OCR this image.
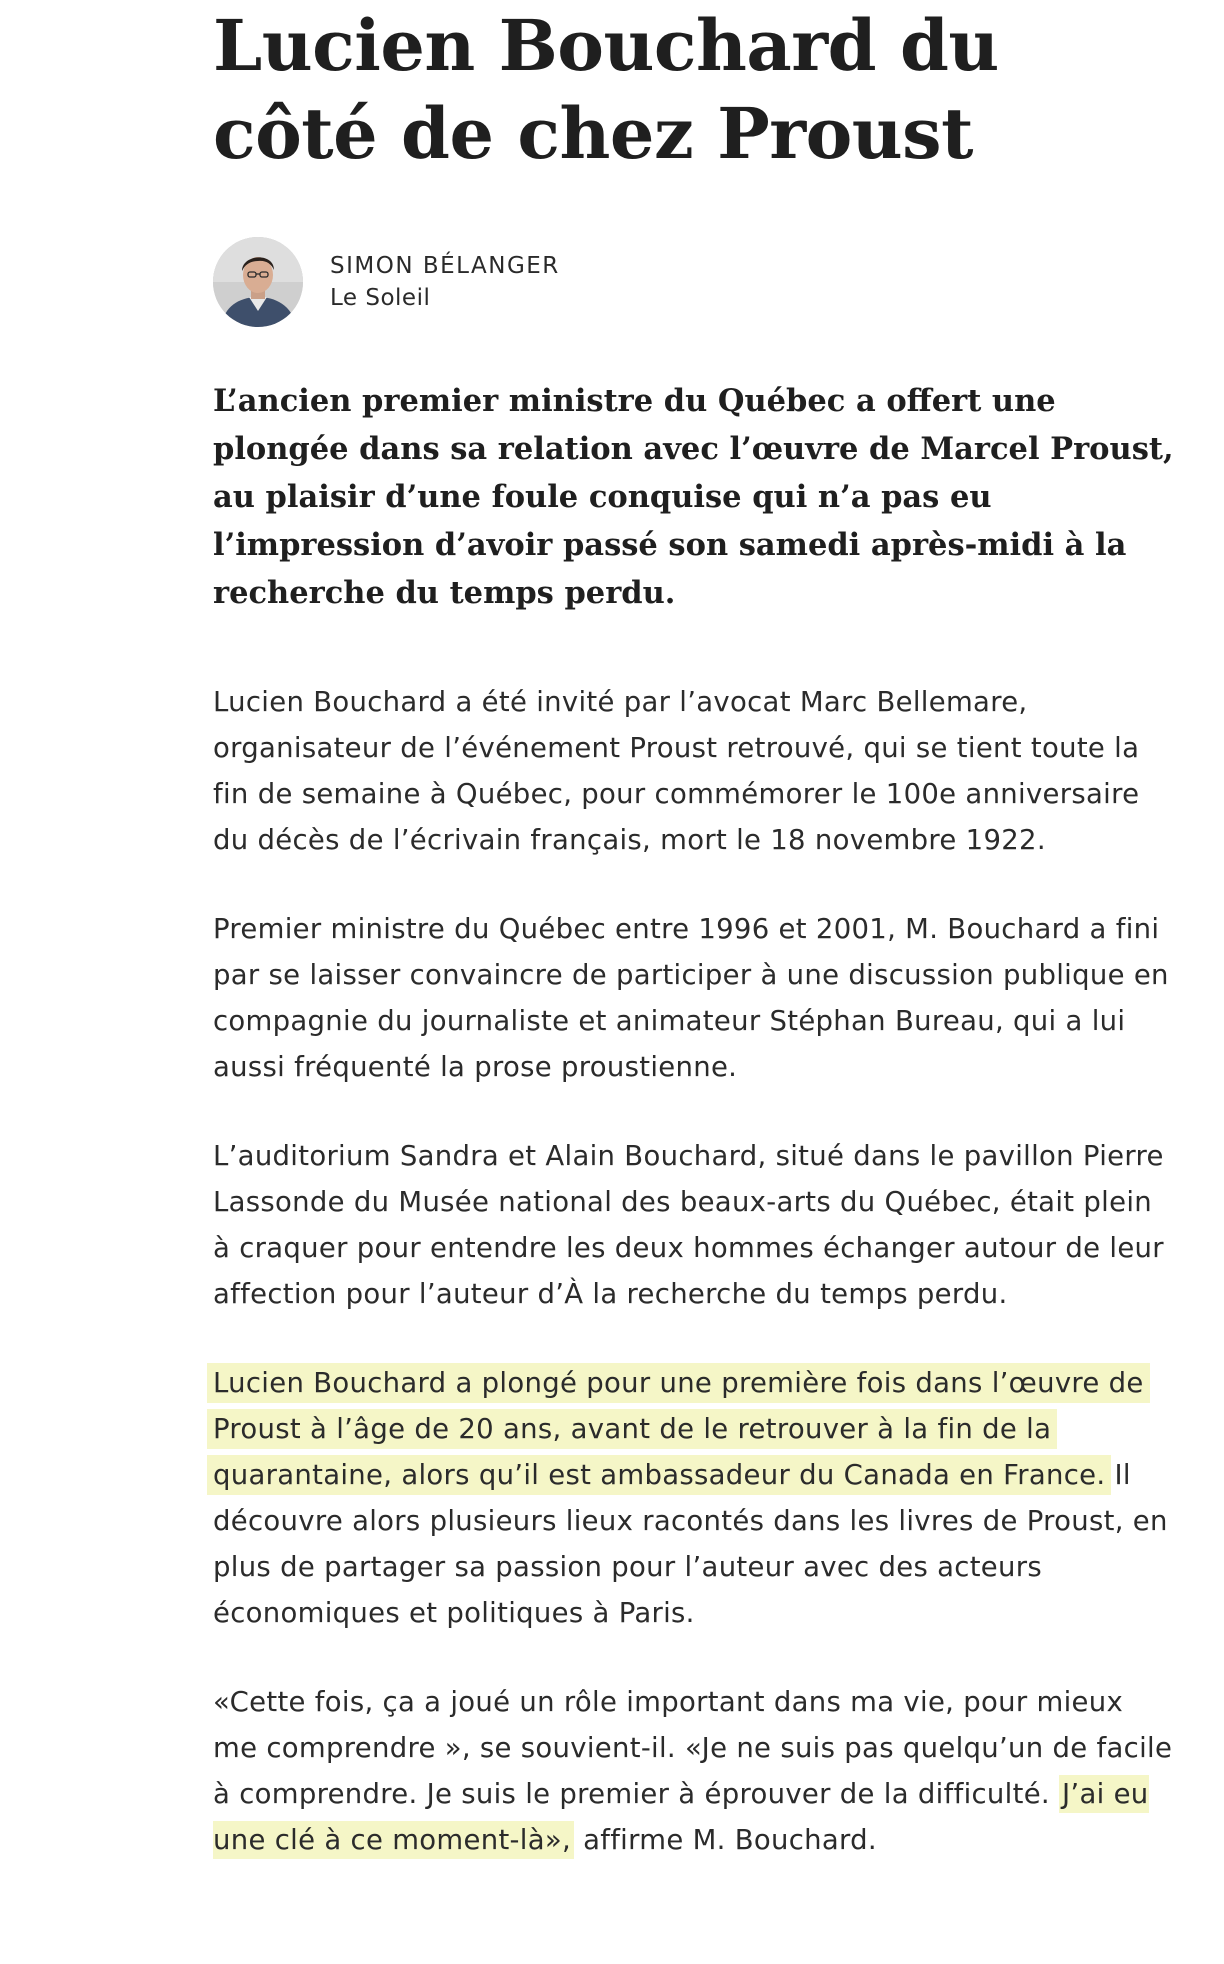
Lucien Bouchard du côté de chez Proust
SIMON BÉLANGER
Le Soleil

L’ancien premier ministre du Québec a offert une plongée dans sa relation avec l’œuvre de Marcel Proust, au plaisir d’une foule conquise qui n’a pas eu l’impression d’avoir passé son samedi après-midi à la recherche du temps perdu.

Lucien Bouchard a été invité par l’avocat Marc Bellemare, organisateur de l’événement Proust retrouvé, qui se tient toute la fin de semaine à Québec, pour commémorer le 100e anniversaire du décès de l’écrivain français, mort le 18 novembre 1922.

Premier ministre du Québec entre 1996 et 2001, M. Bouchard a fini par se laisser convaincre de participer à une discussion publique en compagnie du journaliste et animateur Stéphan Bureau, qui a lui aussi fréquenté la prose proustienne.

L’auditorium Sandra et Alain Bouchard, situé dans le pavillon Pierre Lassonde du Musée national des beaux-arts du Québec, était plein à craquer pour entendre les deux hommes échanger autour de leur affection pour l’auteur d’À la recherche du temps perdu.

Lucien Bouchard a plongé pour une première fois dans l’œuvre de Proust à l’âge de 20 ans, avant de le retrouver à la fin de la quarantaine, alors qu’il est ambassadeur du Canada en France. Il découvre alors plusieurs lieux racontés dans les livres de Proust, en plus de partager sa passion pour l’auteur avec des acteurs économiques et politiques à Paris.

«Cette fois, ça a joué un rôle important dans ma vie, pour mieux me comprendre », se souvient-il. «Je ne suis pas quelqu’un de facile à comprendre. Je suis le premier à éprouver de la difficulté. J’ai eu une clé à ce moment-là», affirme M. Bouchard.
